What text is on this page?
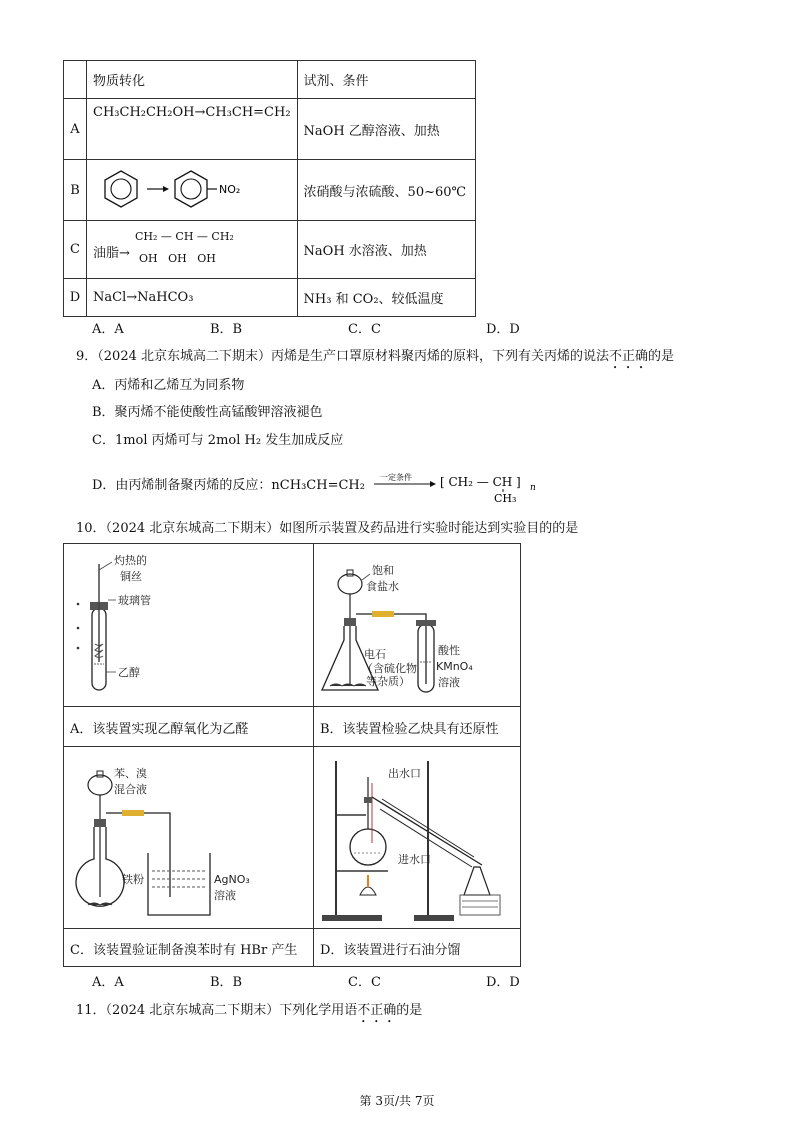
	物质转化	试剂、条件
A	CH₃CH₂CH₂OH→CH₃CH=CH₂	NaOH 乙醇溶液、加热
B	NO₂	浓硝酸与浓硫酸、50~60℃
C	油脂→
CH₂ — CH — CH₂
OH   OH   OH	NaOH 水溶液、加热
D	NaCl→NaHCO₃	NH₃ 和 CO₂、较低温度
A．A	B．B	C．C	D．D
9．（2024 北京东城高二下期末）丙烯是生产口罩原材料聚丙烯的原料，下列有关丙烯的说法不正确的是
A．丙烯和乙烯互为同系物
B．聚丙烯不能使酸性高锰酸钾溶液褪色
C．1mol 丙烯可与 2mol H₂ 发生加成反应
D．由丙烯制备聚丙烯的反应：nCH₃CH=CH₂
一定条件 [ CH₂ — CH ] n
CH₃
10．（2024 北京东城高二下期末）如图所示装置及药品进行实验时能达到实验目的的是
灼热的
铜丝
玻璃管
乙醇
饱和
食盐水
电石
（含硫化物
等杂质）
酸性
KMnO₄
溶液
A．该装置实现乙醇氧化为乙醛	B．该装置检验乙炔具有还原性
苯、溴
混合液
铁粉	AgNO₃
溶液
出水口
进水口
C．该装置验证制备溴苯时有 HBr 产生 D．该装置进行石油分馏
A．A	B．B	C．C	D．D
11．（2024 北京东城高二下期末）下列化学用语不正确的是
第 3页/共 7页
